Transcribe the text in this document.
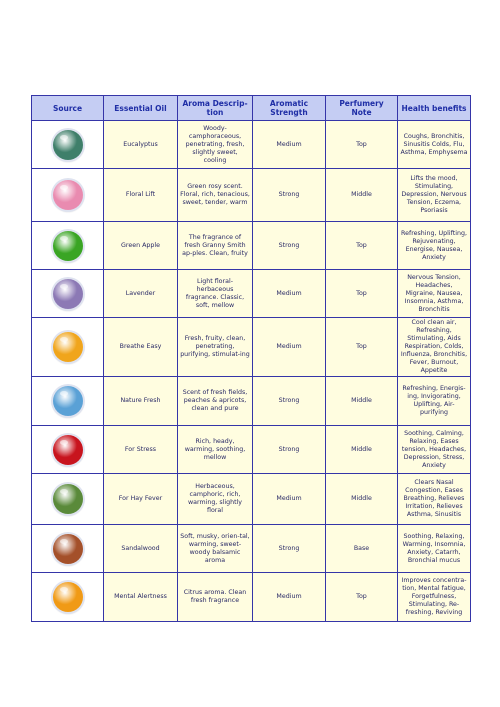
Source	Essential Oil	Aroma Descrip-tion	Aromatic Strength	Perfumery Note	Health benefits

	Eucalyptus	Woody-camphoraceous, penetrating, fresh, slightly sweet, cooling	Medium	Top	Coughs, Bronchitis, Sinusitis Colds, Flu, Asthma, Emphysema

	Floral Lift	Green rosy scent. Floral, rich, tenacious, sweet, tender, warm	Strong	Middle	Lifts the mood, Stimulating, Depression, Nervous Tension, Eczema, Psoriasis

	Green Apple	The fragrance of fresh Granny Smith ap-ples. Clean, fruity	Strong	Top	Refreshing, Uplifting, Rejuvenating, Energise, Nausea, Anxiety

	Lavender	Light floral-herbaceous fragrance. Classic, soft, mellow	Medium	Top	Nervous Tension, Headaches, Migraine, Nausea, Insomnia, Asthma, Bronchitis

	Breathe Easy	Fresh, fruity, clean, penetrating, purifying, stimulat-ing	Medium	Top	Cool clean air, Refreshing, Stimulating, Aids Respiration, Colds, Influenza, Bronchitis, Fever, Burnout, Appetite

	Nature Fresh	Scent of fresh fields, peaches & apricots, clean and pure	Strong	Middle	Refreshing, Energis-ing, Invigorating, Uplifting, Air-purifying

	For Stress	Rich, heady, warming, soothing, mellow	Strong	Middle	Soothing, Calming, Relaxing, Eases tension, Headaches, Depression, Stress, Anxiety

	For Hay Fever	Herbaceous, camphoric, rich, warming, slightly floral	Medium	Middle	Clears Nasal Congestion, Eases Breathing, Relieves Irritation, Relieves Asthma, Sinusitis

	Sandalwood	Soft, musky, orien-tal, warming, sweet-woody balsamic aroma	Strong	Base	Soothing, Relaxing, Warming, Insomnia, Anxiety, Catarrh, Bronchial mucus

	Mental Alertness	Citrus aroma. Clean fresh fragrance	Medium	Top	Improves concentra-tion, Mental fatigue, Forgetfulness, Stimulating, Re-freshing, Reviving
